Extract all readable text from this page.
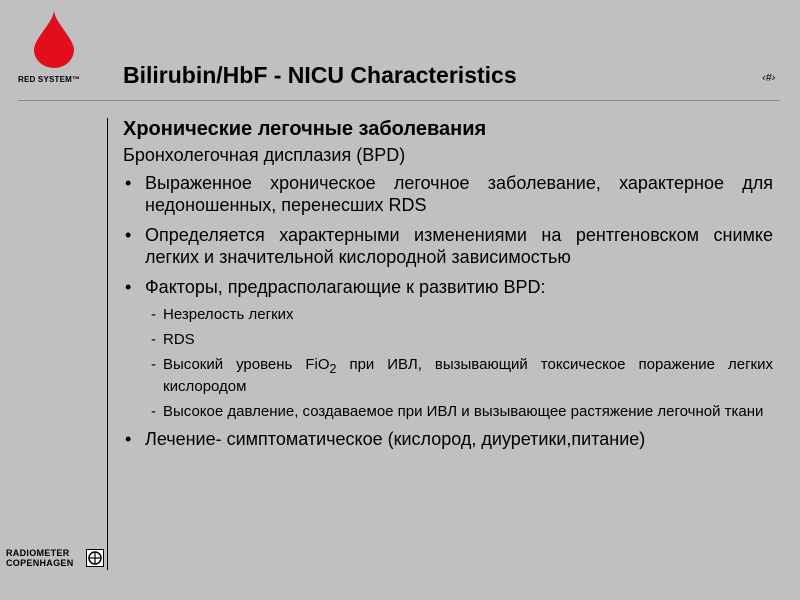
RED SYSTEM™ Bilirubin/HbF - NICU Characteristics	‹#›
Хронические легочные заболевания
Бронхолегочная дисплазия (BPD)
• Выраженное хроническое легочное заболевание, характерное для недоношенных, перенесших RDS
• Определяется характерными изменениями на рентгеновском снимке легких и значительной кислородной зависимостью
• Факторы, предрасполагающие к развитию BPD:
- Незрелость легких
- RDS
- Высокий уровень FiO$_2$ при ИВЛ, вызывающий токсическое поражение легких кислородом
- Высокое давление, создаваемое при ИВЛ и вызывающее растяжение легочной ткани
• Лечение- симптоматическое (кислород, диуретики,питание)
RADIOMETER
COPENHAGEN
